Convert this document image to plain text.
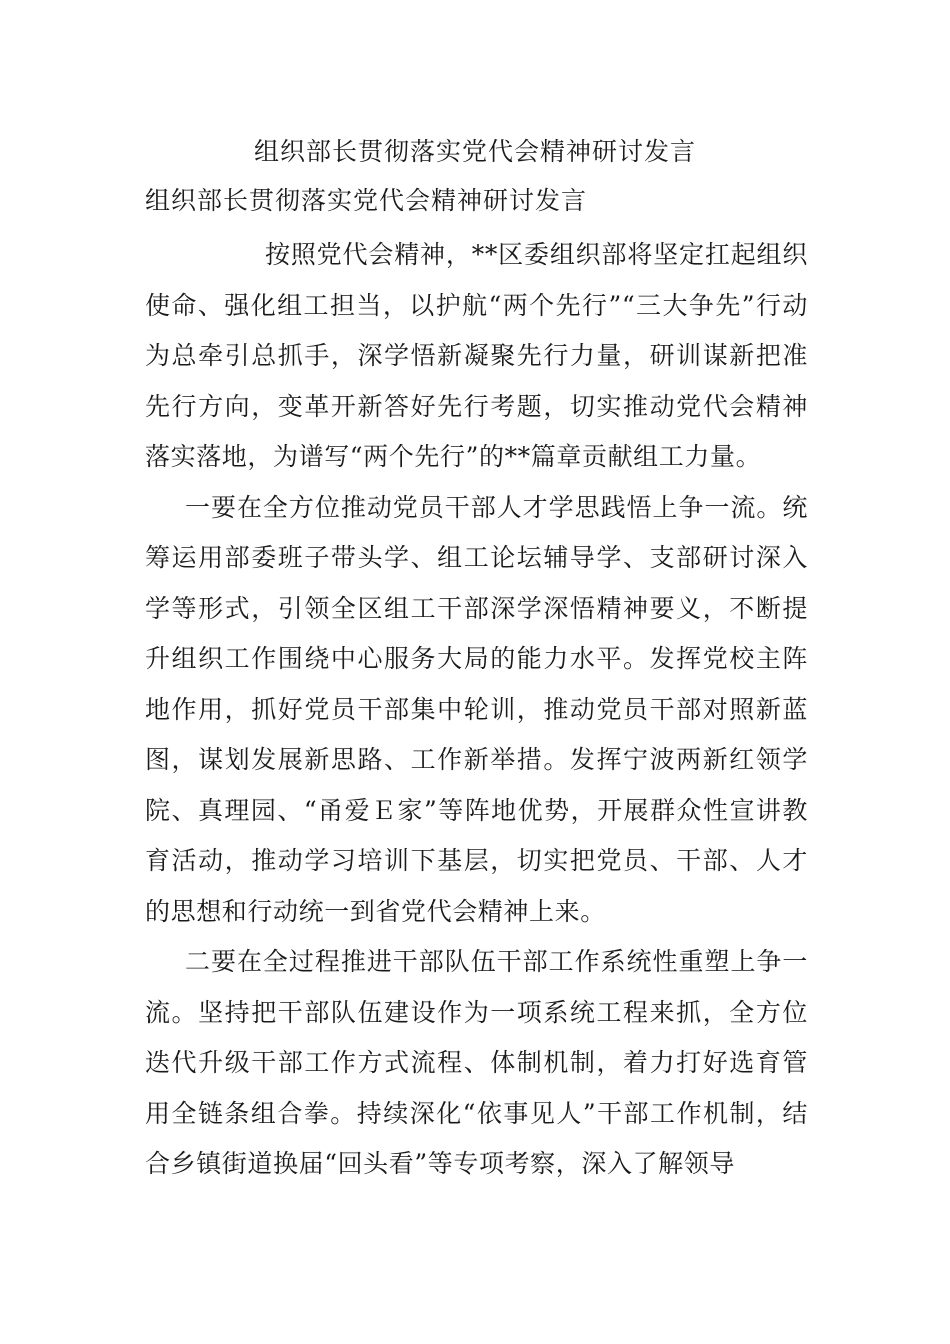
组织部长贯彻落实党代会精神研讨发言
组织部长贯彻落实党代会精神研讨发言

按照党代会精神，**区委组织部将坚定扛起组织使命、强化组工担当，以护航“两个先行”“三大争先”行动为总牵引总抓手，深学悟新凝聚先行力量，研训谋新把准先行方向，变革开新答好先行考题，切实推动党代会精神落实落地，为谱写“两个先行”的**篇章贡献组工力量。

一要在全方位推动党员干部人才学思践悟上争一流。统筹运用部委班子带头学、组工论坛辅导学、支部研讨深入学等形式，引领全区组工干部深学深悟精神要义，不断提升组织工作围绕中心服务大局的能力水平。发挥党校主阵地作用，抓好党员干部集中轮训，推动党员干部对照新蓝图，谋划发展新思路、工作新举措。发挥宁波两新红领学院、真理园、“甬爱Ｅ家”等阵地优势，开展群众性宣讲教育活动，推动学习培训下基层，切实把党员、干部、人才的思想和行动统一到省党代会精神上来。

二要在全过程推进干部队伍干部工作系统性重塑上争一流。坚持把干部队伍建设作为一项系统工程来抓，全方位迭代升级干部工作方式流程、体制机制，着力打好选育管用全链条组合拳。持续深化“依事见人”干部工作机制，结合乡镇街道换届“回头看”等专项考察，深入了解领导
